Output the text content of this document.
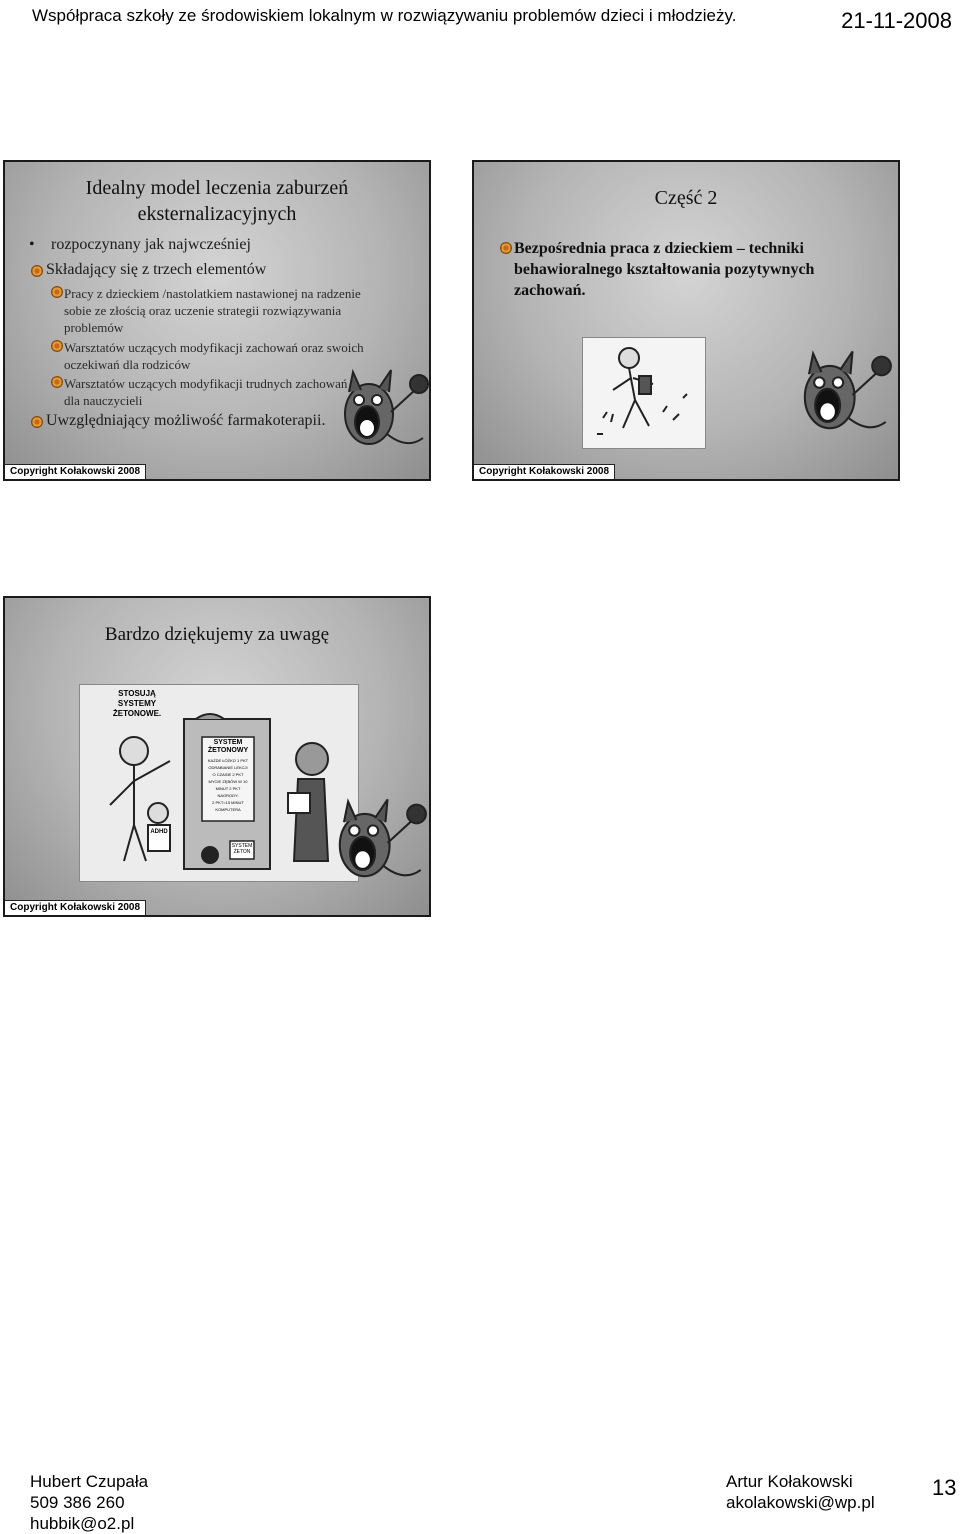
Współpraca szkoły ze środowiskiem lokalnym w rozwiązywaniu problemów dzieci i młodzieży.	21-11-2008
Idealny model leczenia zaburzeń eksternalizacyjnych
• rozpoczynany jak najwcześniej
Składający się z trzech elementów
Pracy z dzieckiem /nastolatkiem nastawionej na radzenie sobie ze złością oraz uczenie strategii rozwiązywania problemów
Warsztatów uczących modyfikacji zachowań oraz swoich oczekiwań dla rodziców
Warsztatów uczących modyfikacji trudnych zachowań dla nauczycieli
Uwzględniający możliwość farmakoterapii.
Copyright Kołakowski 2008
Część 2
Bezpośrednia praca z dzieckiem – techniki behawioralnego kształtowania pozytywnych zachowań.
Copyright Kołakowski 2008
Bardzo dziękujemy za uwagę
STOSUJĄ SYSTEMY ŻETONOWE.
SYSTEM ŻETONOWY
KAŻDE ŁÓŻKO 1 PKT
ODRABIANIE LEKCJI
O CZASIE 2 PKT
MYCIE ZĘBÓW W 10
MINUT 2 PKT
NAGRODY:
2 PKT=15 MINUT
KOMPUTERA
ADHD
SYSTEM ŻETON
Copyright Kołakowski 2008
Hubert Czupała
509 386 260
hubbik@o2.pl
Artur Kołakowski
akolakowski@wp.pl
13
